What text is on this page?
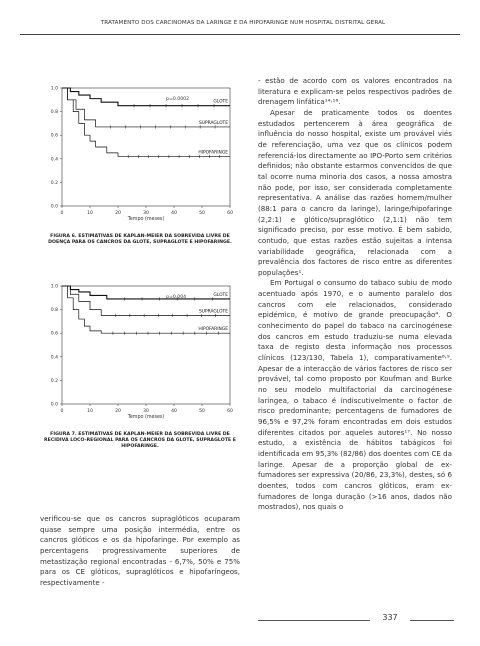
TRATAMENTO DOS CARCINOMAS DA LARINGE E DA HIPOFARINGE NUM HOSPITAL DISTRITAL GERAL
0.0
0.2
0.4
0.6
0.8
1.0
0	10	20	30	40	50	60
Tempo (meses)
p=0.0002
GLOTE
SUPRAGLOTE
HIPOFARINGE
FIGURA 6. ESTIMATIVAS DE KAPLAN-MEIER DA SOBREVIDA LIVRE DE DOENÇA PARA OS CANCROS DA GLOTE, SUPRAGLOTE E HIPOFARINGE.
0.0
0.2
0.4
0.6
0.8
1.0
0	10	20	30	40	50	60
Tempo (meses)
p=0.004	GLOTE
SUPRAGLOTE
HIPOFARINGE
FIGURA 7. ESTIMATIVAS DE KAPLAN-MEIER DA SOBREVIDA LIVRE DE RECIDIVA LOCO-REGIONAL PARA OS CANCROS DA GLOTE, SUPRAGLOTE E HIPOFARINGE.

verificou-se que os cancros supraglóticos ocuparam quase sempre uma posição intermédia, entre os cancros glóticos e os da hipofaringe. Por exemplo as percentagens progressivamente superiores de metastização regional encontradas - 6,7%, 50% e 75% para os CE glóticos, supraglóticos e hipofaríngeos, respectivamente -

- estão de acordo com os valores encontrados na literatura e explicam-se pelos respectivos padrões de drenagem linfática¹⁴˒¹⁶.

Apesar de praticamente todos os doentes estudados pertencerem à área geográfica de influência do nosso hospital, existe um provável viés de referenciação, uma vez que os clínicos podem referenciá-los directamente ao IPO-Porto sem critérios definidos; não obstante estarmos convencidos de que tal ocorre numa minoria dos casos, a nossa amostra não pode, por isso, ser considerada completamente representativa. A análise das razões homem/mulher (88:1 para o cancro da laringe), laringe/hipofaringe (2,2:1) e glótico/supraglótico (2,1:1) não tem significado preciso, por esse motivo. É bem sabido, contudo, que estas razões estão sujeitas a intensa variabilidade geográfica, relacionada com a prevalência dos factores de risco entre as diferentes populações¹.

Em Portugal o consumo do tabaco subiu de modo acentuado após 1970, e o aumento paralelo dos cancros com ele relacionados, considerado epidémico, é motivo de grande preocupação⁴. O conhecimento do papel do tabaco na carcinogénese dos cancros em estudo traduziu-se numa elevada taxa de registo desta informação nos processos clínicos (123/130, Tabela 1), comparativamente⁸˒⁹. Apesar de a interacção de vários factores de risco ser provável, tal como proposto por Koufman and Burke no seu modelo multifactorial da carcinogénese laríngea, o tabaco é indiscutivelmente o factor de risco predominante; percentagens de fumadores de 96,5% e 97,2% foram encontradas em dois estudos diferentes citados por aqueles autores¹⁷. No nosso estudo, a existência de hábitos tabágicos foi identificada em 95,3% (82/86) dos doentes com CE da laringe. Apesar de a proporção global de ex-fumadores ser expressiva (20/86, 23,3%), destes, só 6 doentes, todos com cancros glóticos, eram ex-fumadores de longa duração (>16 anos, dados não mostrados), nos quais o

337
